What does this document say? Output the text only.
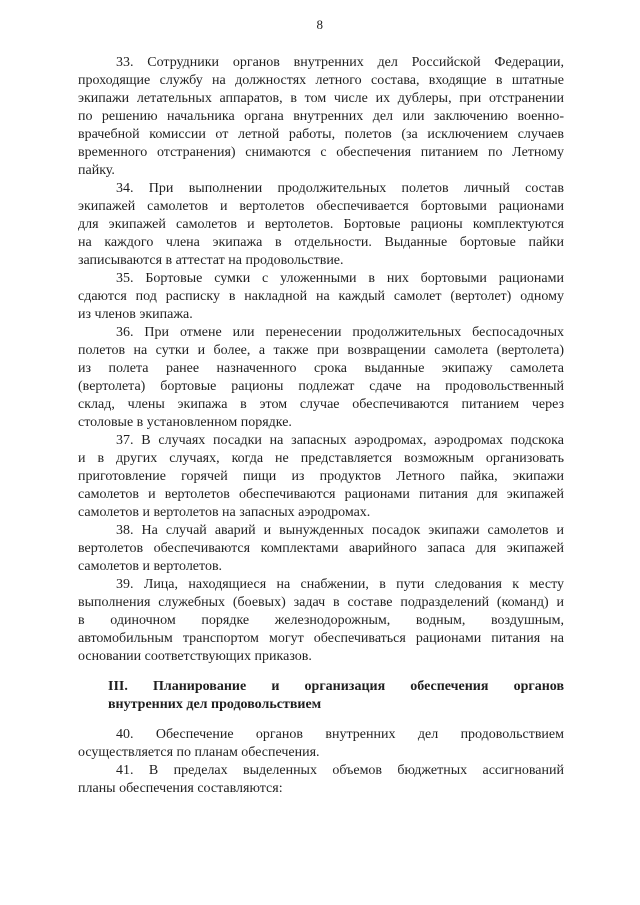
8

33. Сотрудники органов внутренних дел Российской Федерации,
проходящие службу на должностях летного состава, входящие в штатные
экипажи летательных аппаратов, в том числе их дублеры, при отстранении
по решению начальника органа внутренних дел или заключению военно-
врачебной комиссии от летной работы, полетов (за исключением случаев
временного отстранения) снимаются с обеспечения питанием по Летному
пайку.

34. При выполнении продолжительных полетов личный состав
экипажей самолетов и вертолетов обеспечивается бортовыми рационами
для экипажей самолетов и вертолетов. Бортовые рационы комплектуются
на каждого члена экипажа в отдельности. Выданные бортовые пайки
записываются в аттестат на продовольствие.

35. Бортовые сумки с уложенными в них бортовыми рационами
сдаются под расписку в накладной на каждый самолет (вертолет) одному
из членов экипажа.

36. При отмене или перенесении продолжительных беспосадочных
полетов на сутки и более, а также при возвращении самолета (вертолета)
из полета ранее назначенного срока выданные экипажу самолета
(вертолета) бортовые рационы подлежат сдаче на продовольственный
склад, члены экипажа в этом случае обеспечиваются питанием через
столовые в установленном порядке.

37. В случаях посадки на запасных аэродромах, аэродромах подскока
и в других случаях, когда не представляется возможным организовать
приготовление горячей пищи из продуктов Летного пайка, экипажи
самолетов и вертолетов обеспечиваются рационами питания для экипажей
самолетов и вертолетов на запасных аэродромах.

38. На случай аварий и вынужденных посадок экипажи самолетов и
вертолетов обеспечиваются комплектами аварийного запаса для экипажей
самолетов и вертолетов.

39. Лица, находящиеся на снабжении, в пути следования к месту
выполнения служебных (боевых) задач в составе подразделений (команд) и
в одиночном порядке железнодорожным, водным, воздушным,
автомобильным транспортом могут обеспечиваться рационами питания на
основании соответствующих приказов.

III. Планирование и организация обеспечения органов
внутренних дел продовольствием

40. Обеспечение органов внутренних дел продовольствием
осуществляется по планам обеспечения.

41. В пределах выделенных объемов бюджетных ассигнований
планы обеспечения составляются:
